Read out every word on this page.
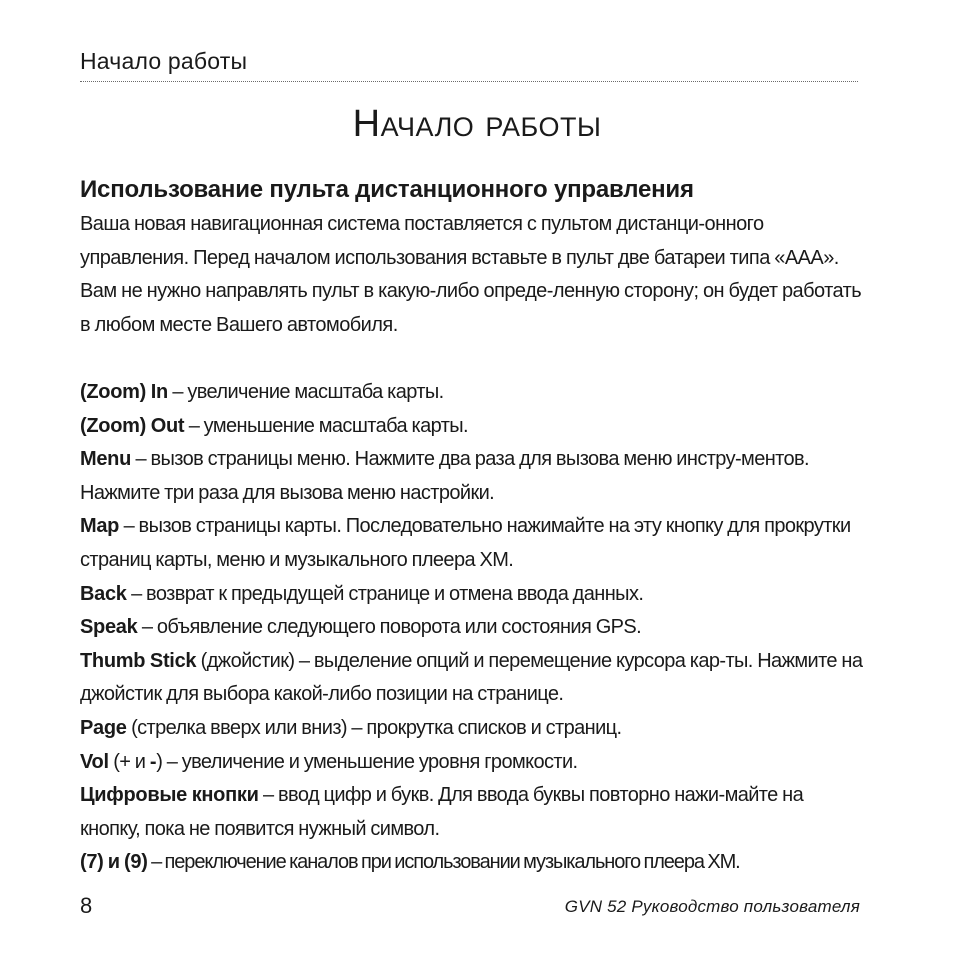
Начало работы
Начало работы
Использование пульта дистанционного управления

Ваша новая навигационная система поставляется с пультом дистанци-онного управления. Перед началом использования вставьте в пульт две батареи типа «AAA». Вам не нужно направлять пульт в какую-либо опреде-ленную сторону; он будет работать в любом месте Вашего автомобиля.

(Zoom) In – увеличение масштаба карты.

(Zoom) Out – уменьшение масштаба карты.

Menu – вызов страницы меню. Нажмите два раза для вызова меню инстру-ментов. Нажмите три раза для вызова меню настройки.

Map – вызов страницы карты. Последовательно нажимайте на эту кнопку для прокрутки страниц карты, меню и музыкального плеера XM.

Back – возврат к предыдущей странице и отмена ввода данных.

Speak – объявление следующего поворота или состояния GPS.

Thumb Stick (джойстик) – выделение опций и перемещение курсора кар-ты. Нажмите на джойстик для выбора какой-либо позиции на странице.

Page (стрелка вверх или вниз) – прокрутка списков и страниц.

Vol (+ и -) – увеличение и уменьшение уровня громкости.

Цифровые кнопки – ввод цифр и букв. Для ввода буквы повторно нажи-майте на кнопку, пока не появится нужный символ.

(7) и (9) – переключение каналов при использовании музыкального плеера XM.

8	GVN 52 Руководство пользователя
